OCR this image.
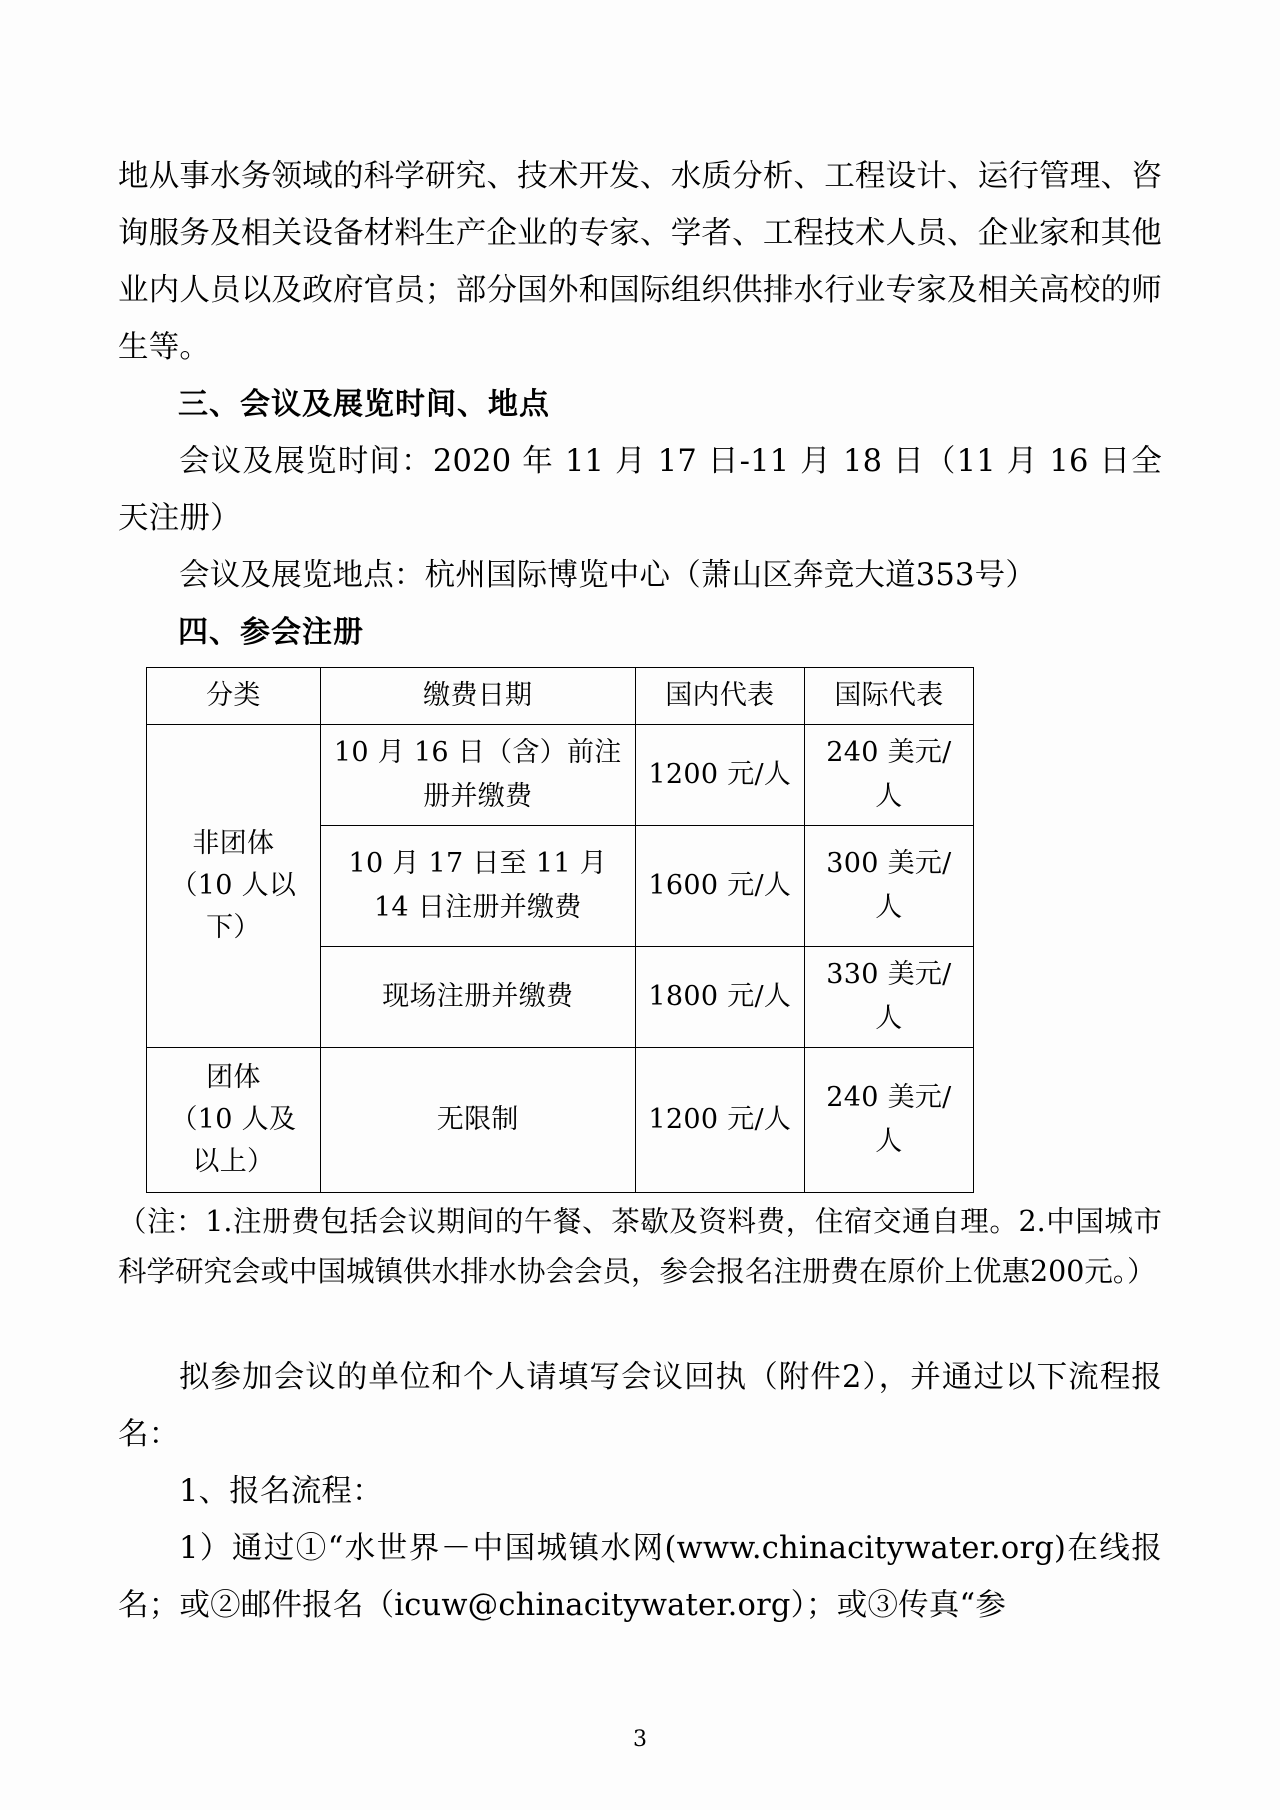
地从事水务领域的科学研究、技术开发、水质分析、工程设计、运行管理、咨询服务及相关设备材料生产企业的专家、学者、工程技术人员、企业家和其他业内人员以及政府官员；部分国外和国际组织供排水行业专家及相关高校的师生等。

三、会议及展览时间、地点

会议及展览时间：2020 年 11 月 17 日-11 月 18 日（11 月 16 日全天注册）

会议及展览地点：杭州国际博览中心（萧山区奔竞大道353号）

四、参会注册
分类	缴费日期	国内代表	国际代表

非团体
（10 人以下）	10 月 16 日（含）前注册并缴费	1200 元/人	240 美元/人
	10 月 17 日至 11 月 14 日注册并缴费	1600 元/人	300 美元/人
	现场注册并缴费	1800 元/人	330 美元/人

团体
（10 人及
以上）	无限制	1200 元/人	240 美元/人

（注：1.注册费包括会议期间的午餐、茶歇及资料费，住宿交通自理。2.中国城市科学研究会或中国城镇供水排水协会会员，参会报名注册费在原价上优惠200元。）

拟参加会议的单位和个人请填写会议回执（附件2），并通过以下流程报名：

1、报名流程：

1）通过①“水世界－中国城镇水网(www.chinacitywater.org)在线报名；或②邮件报名（icuw@chinacitywater.org）；或③传真“参

3
